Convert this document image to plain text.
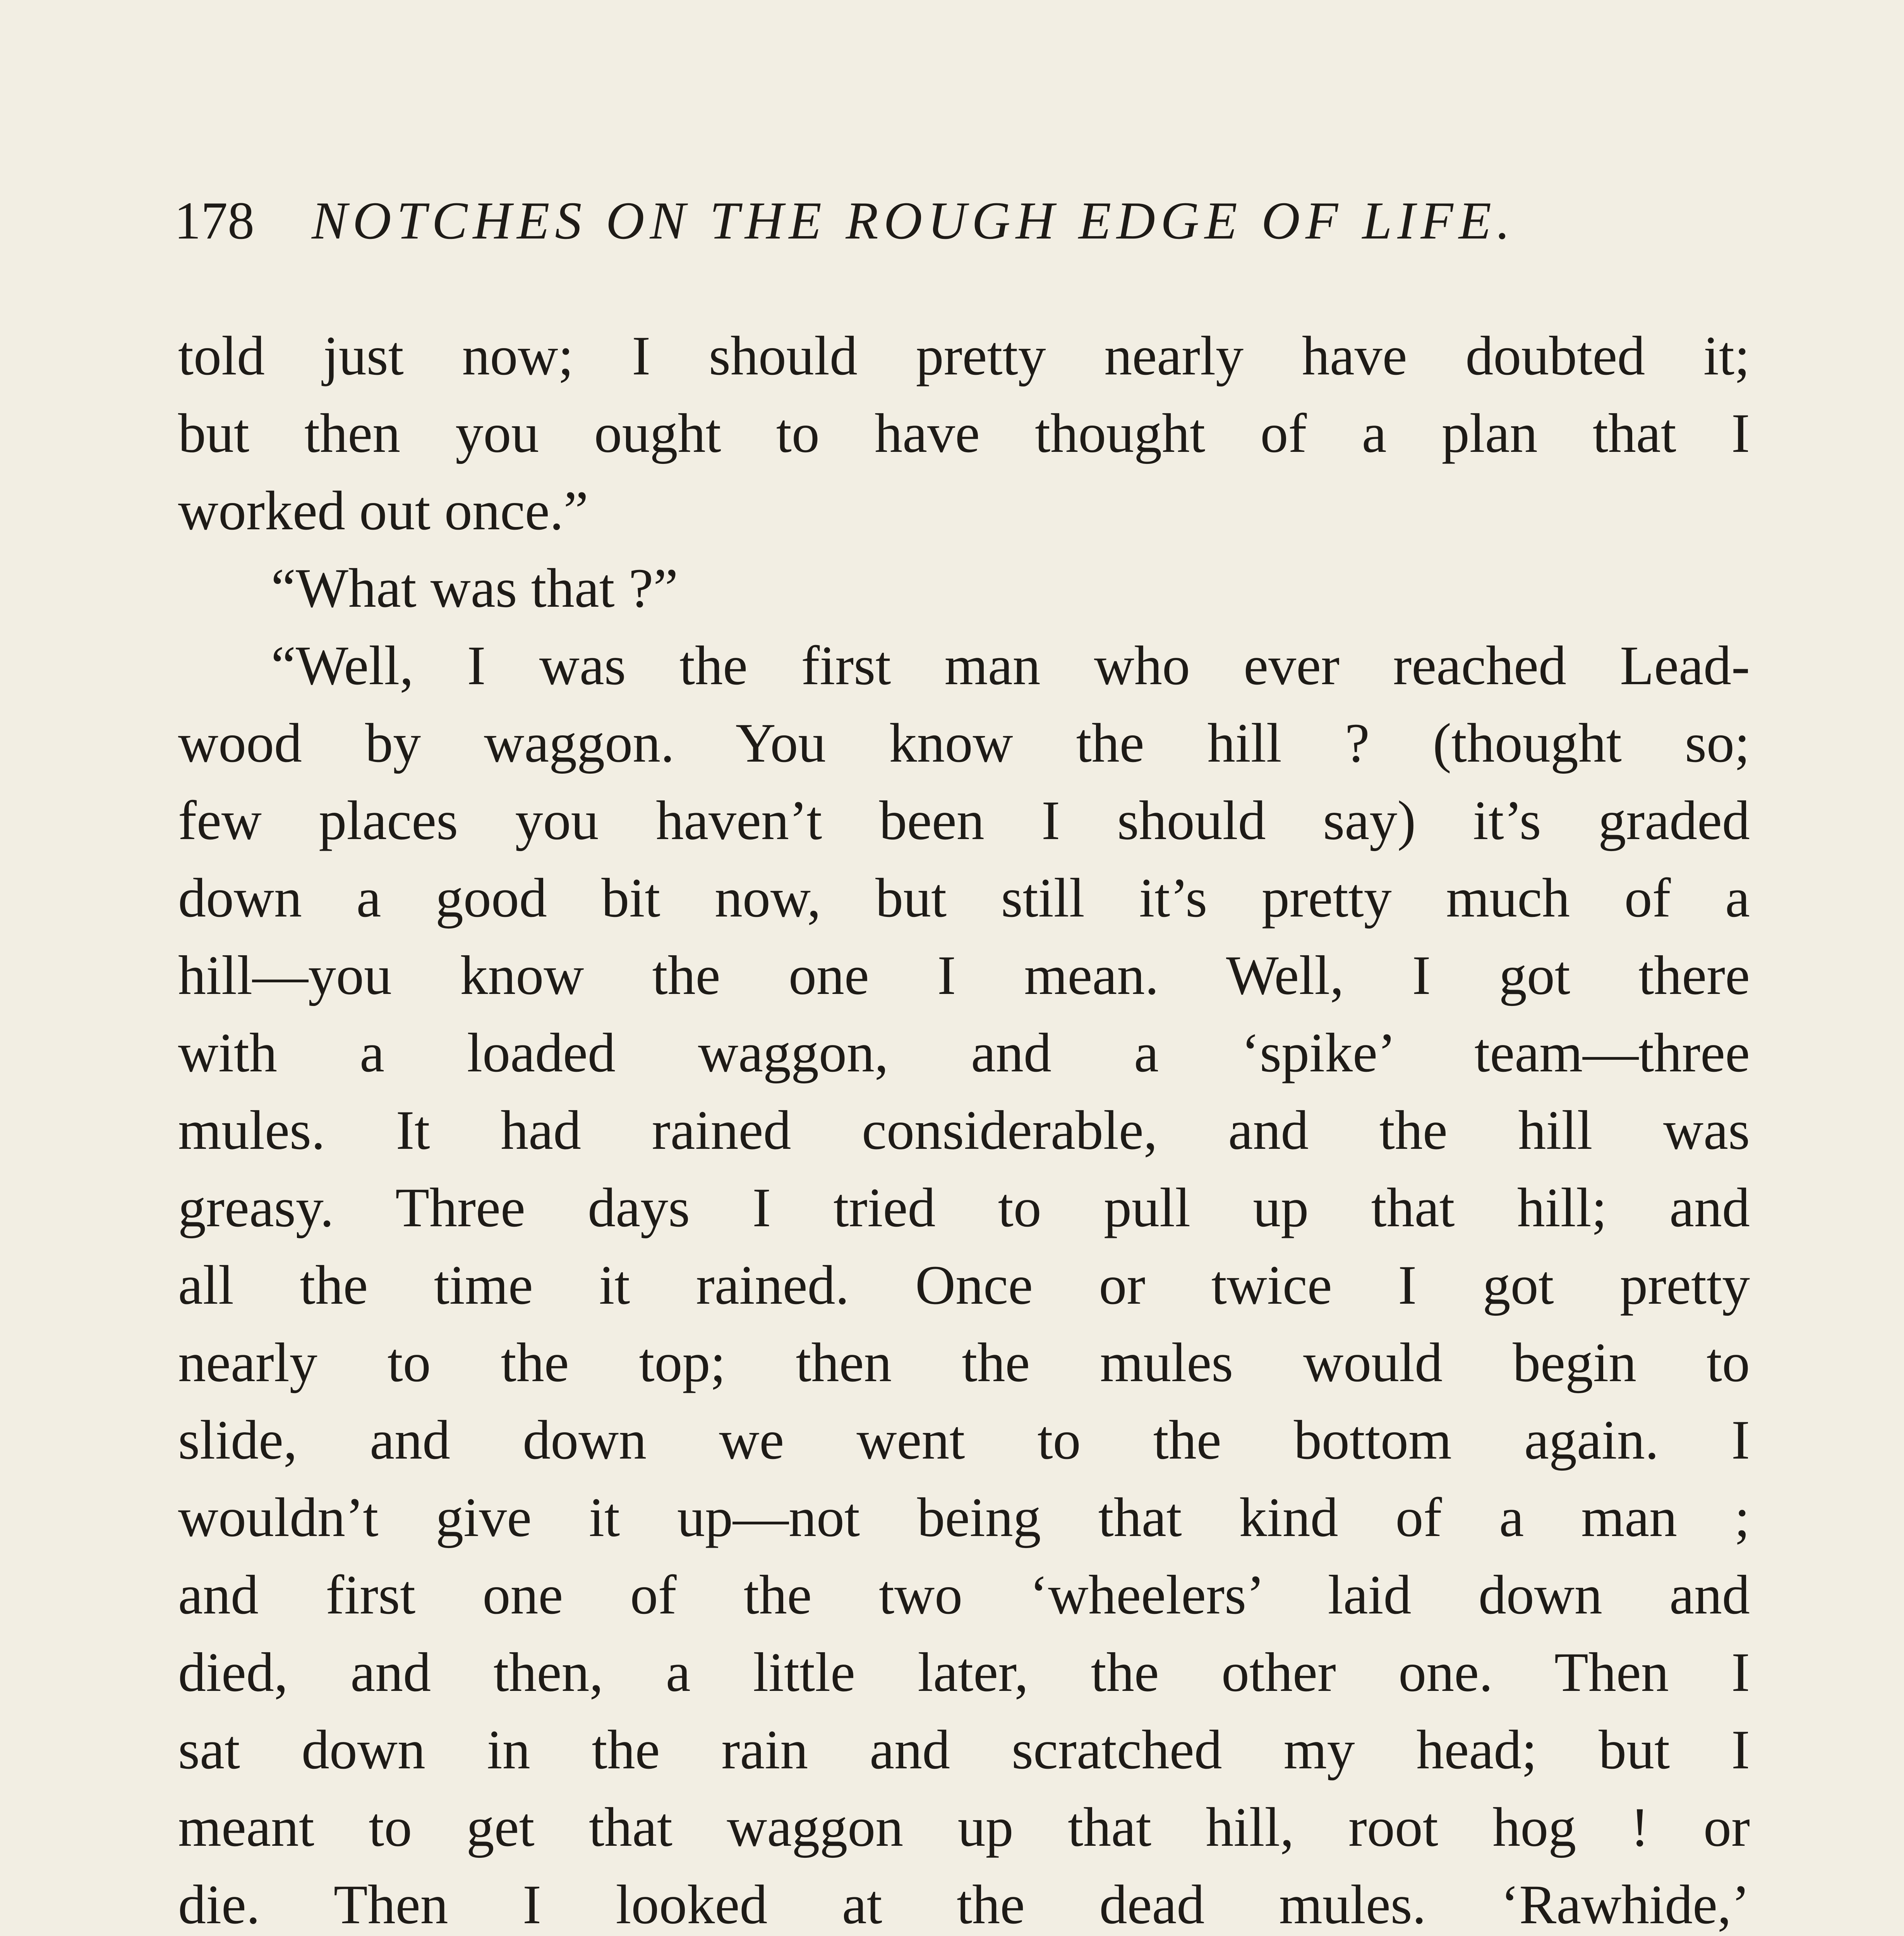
178 NOTCHES ON THE ROUGH EDGE OF LIFE.
told just now; I should pretty nearly have doubted it;
but then you ought to have thought of a plan that I
worked out once.”
“What was that ?”
“Well, I was the first man who ever reached Lead-
wood by waggon. You know the hill ? (thought so;
few places you haven’t been I should say) it’s graded
down a good bit now, but still it’s pretty much of a
hill—you know the one I mean. Well, I got there
with a loaded waggon, and a ‘spike’ team—three
mules. It had rained considerable, and the hill was
greasy. Three days I tried to pull up that hill; and
all the time it rained. Once or twice I got pretty
nearly to the top; then the mules would begin to
slide, and down we went to the bottom again. I
wouldn’t give it up—not being that kind of a man ;
and first one of the two ‘wheelers’ laid down and
died, and then, a little later, the other one. Then I
sat down in the rain and scratched my head; but I
meant to get that waggon up that hill, root hog ! or
die. Then I looked at the dead mules. ‘Rawhide,’
